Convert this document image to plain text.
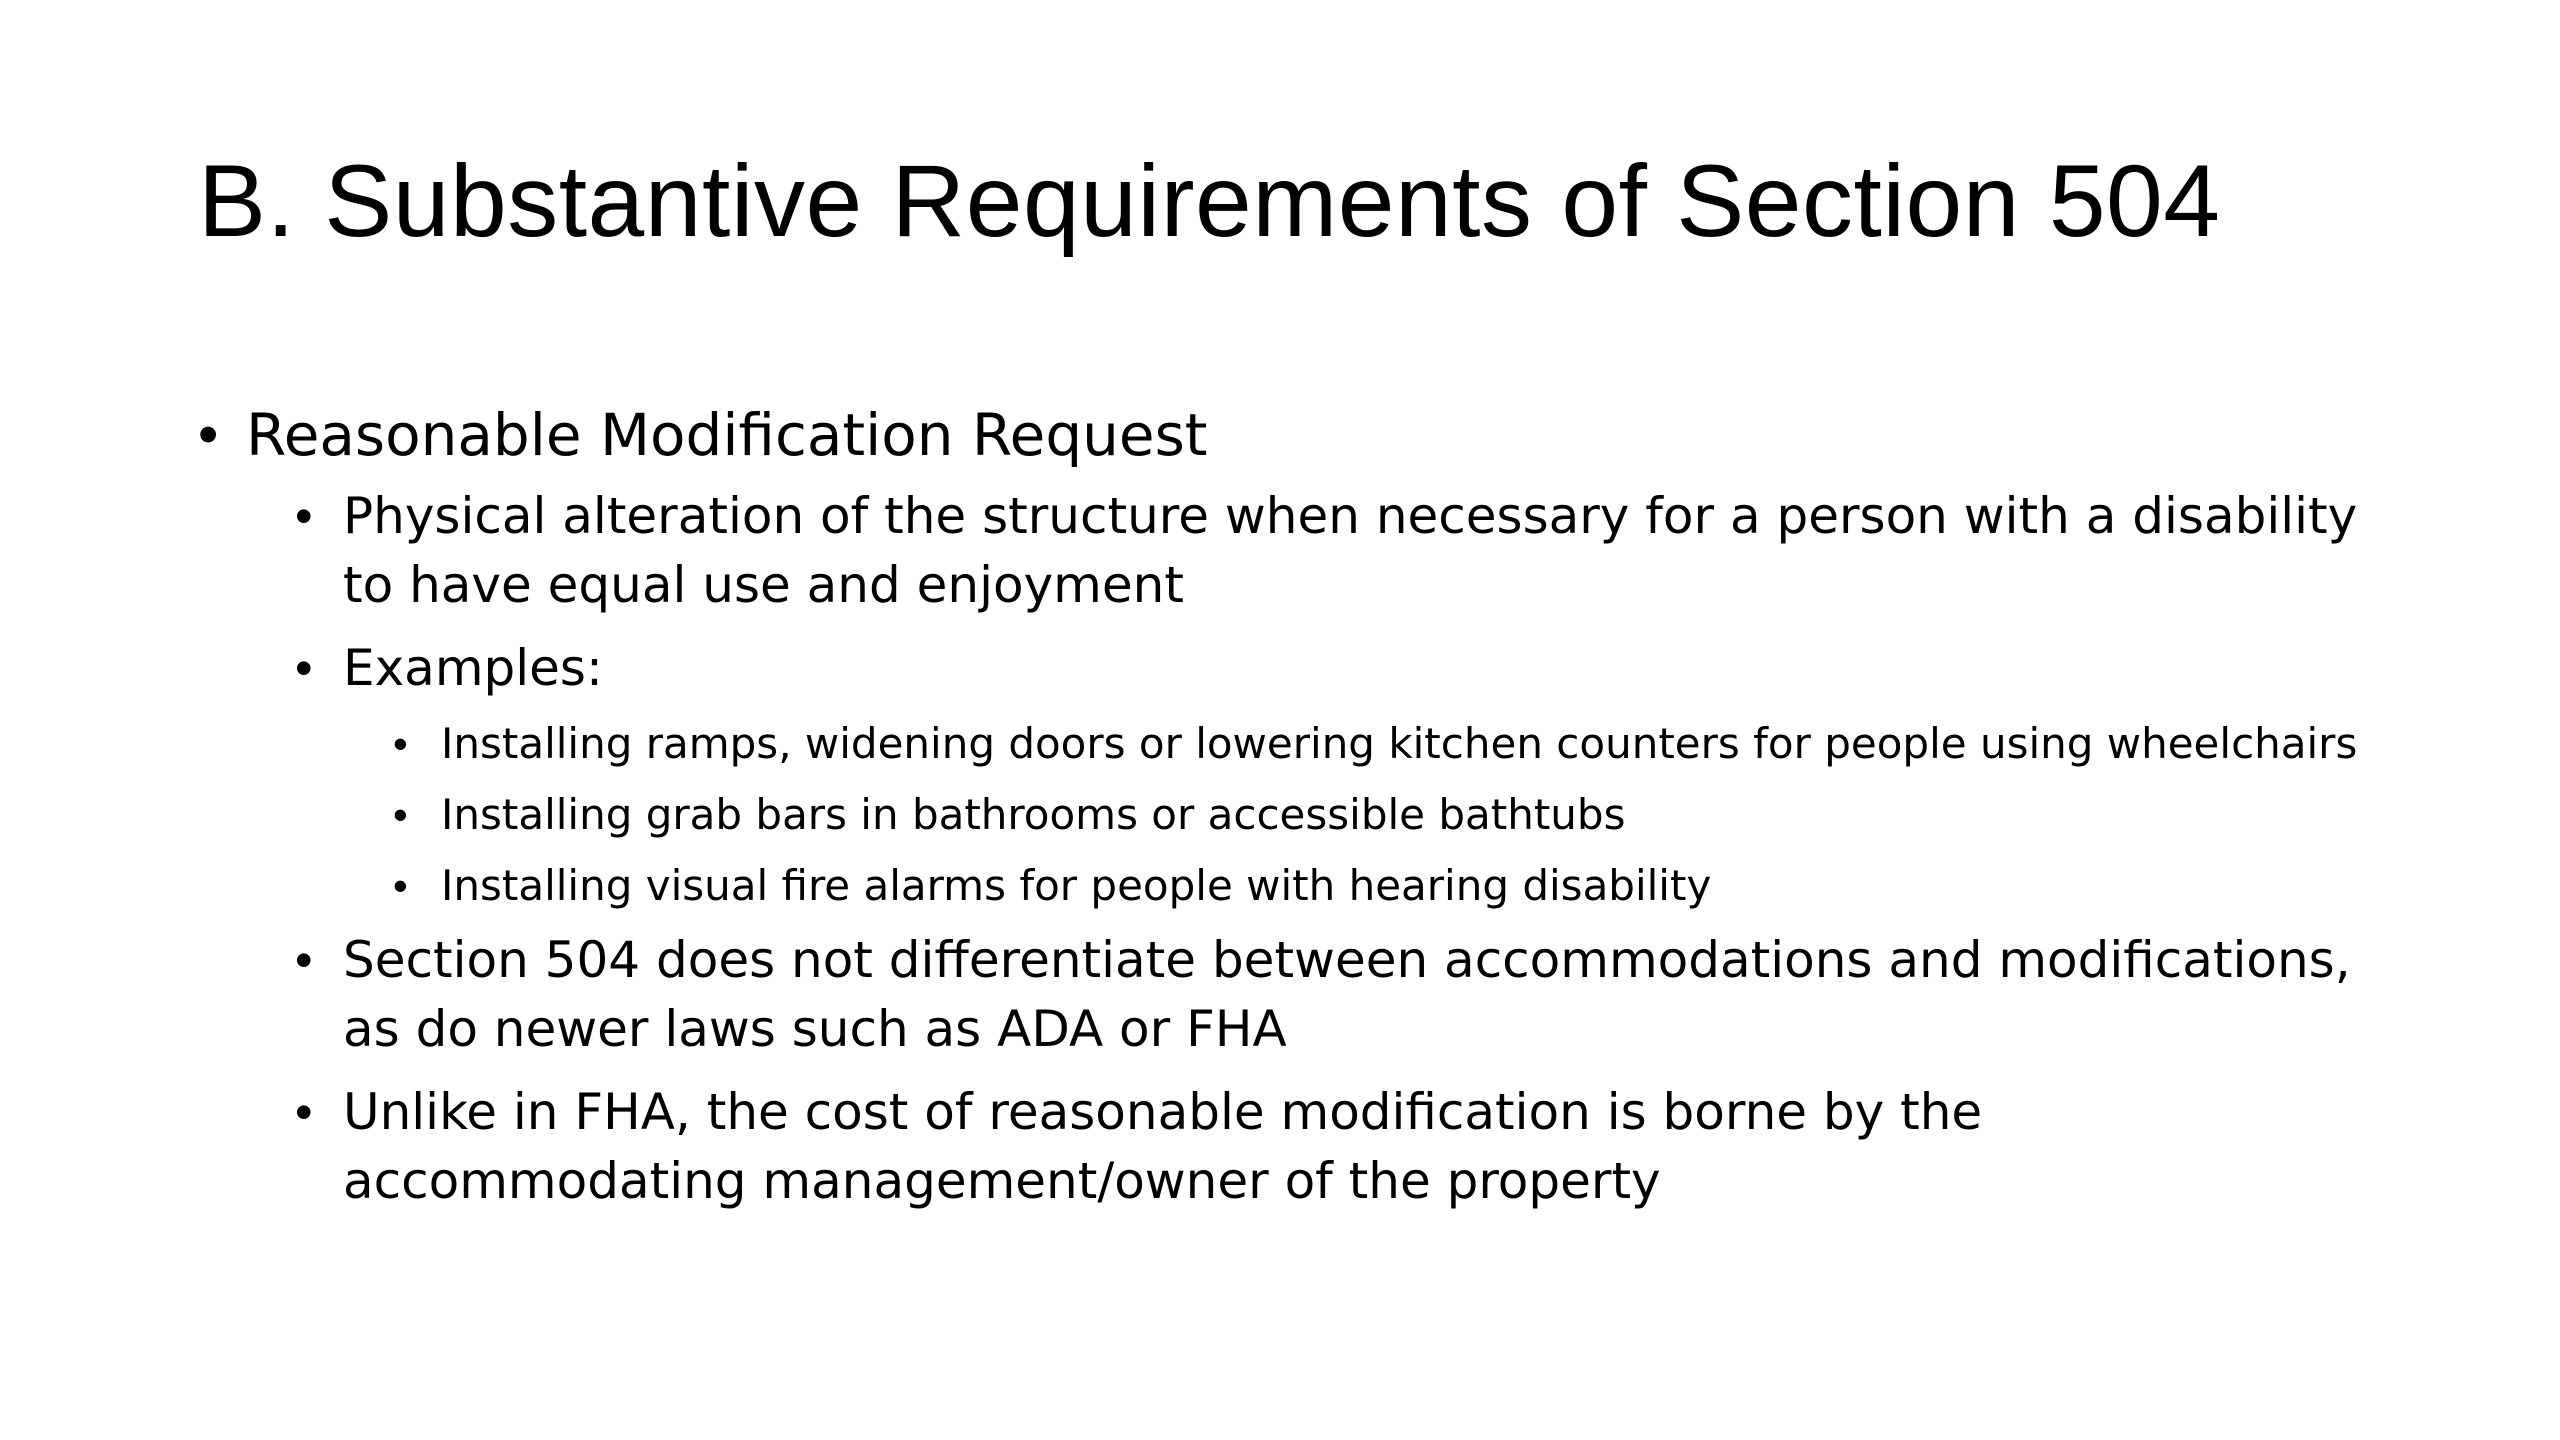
B. Substantive Requirements of Section 504
• Reasonable Modification Request
• Physical alteration of the structure when necessary for a person with a disability to have equal use and enjoyment
• Examples:
• Installing ramps, widening doors or lowering kitchen counters for people using wheelchairs
• Installing grab bars in bathrooms or accessible bathtubs
• Installing visual fire alarms for people with hearing disability
• Section 504 does not differentiate between accommodations and modifications, as do newer laws such as ADA or FHA
• Unlike in FHA, the cost of reasonable modification is borne by the accommodating management/owner of the property
